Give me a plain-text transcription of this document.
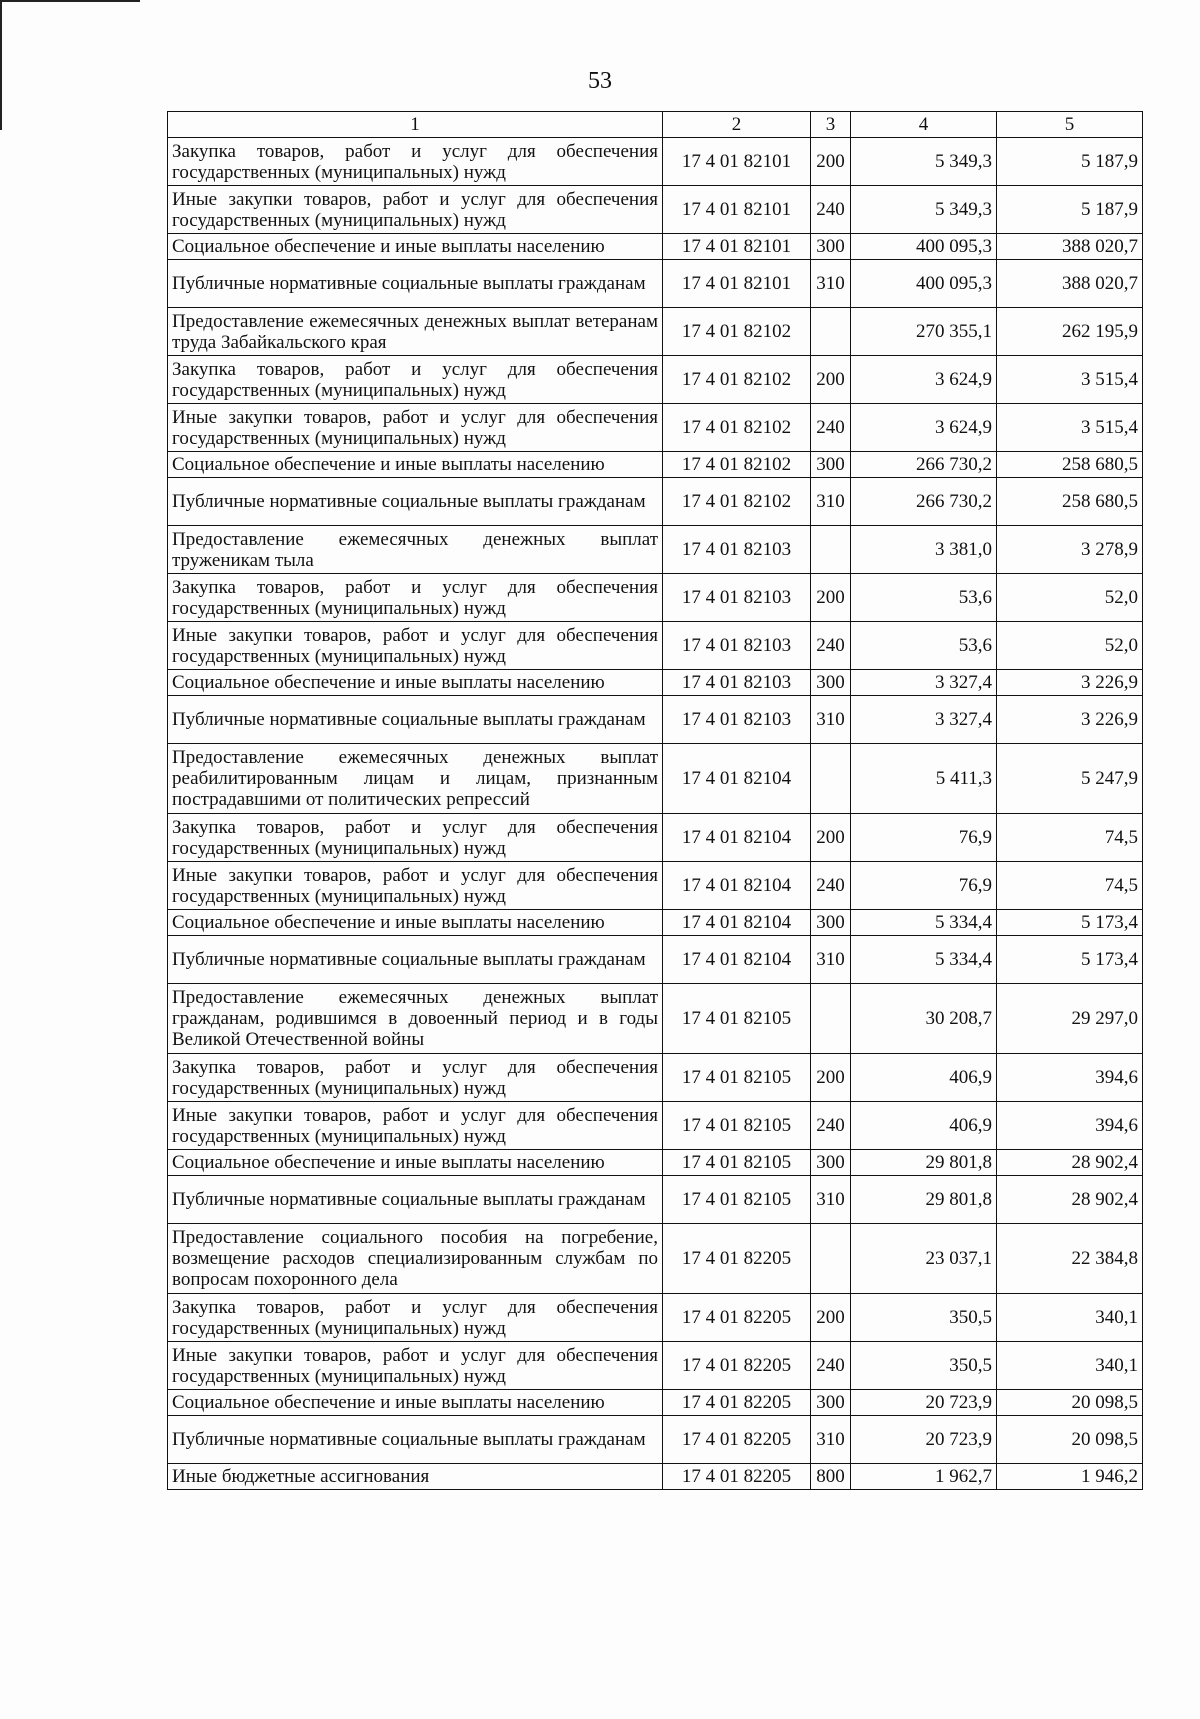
53
1	2	3	4	5
Закупка товаров, работ и услуг для обеспечения государственных (муниципальных) нужд	17 4 01 82101	200	5 349,3	5 187,9
Иные закупки товаров, работ и услуг для обеспечения государственных (муниципальных) нужд	17 4 01 82101	240	5 349,3	5 187,9
Социальное обеспечение и иные выплаты населению	17 4 01 82101	300	400 095,3	388 020,7
Публичные нормативные социальные выплаты гражданам	17 4 01 82101	310	400 095,3	388 020,7
Предоставление ежемесячных денежных выплат ветеранам труда Забайкальского края	17 4 01 82102		270 355,1	262 195,9
Закупка товаров, работ и услуг для обеспечения государственных (муниципальных) нужд	17 4 01 82102	200	3 624,9	3 515,4
Иные закупки товаров, работ и услуг для обеспечения государственных (муниципальных) нужд	17 4 01 82102	240	3 624,9	3 515,4
Социальное обеспечение и иные выплаты населению	17 4 01 82102	300	266 730,2	258 680,5
Публичные нормативные социальные выплаты гражданам	17 4 01 82102	310	266 730,2	258 680,5
Предоставление ежемесячных денежных выплат труженикам тыла	17 4 01 82103		3 381,0	3 278,9
Закупка товаров, работ и услуг для обеспечения государственных (муниципальных) нужд	17 4 01 82103	200	53,6	52,0
Иные закупки товаров, работ и услуг для обеспечения государственных (муниципальных) нужд	17 4 01 82103	240	53,6	52,0
Социальное обеспечение и иные выплаты населению	17 4 01 82103	300	3 327,4	3 226,9
Публичные нормативные социальные выплаты гражданам	17 4 01 82103	310	3 327,4	3 226,9
Предоставление ежемесячных денежных выплат реабилитированным лицам и лицам, признанным пострадавшими от политических репрессий	17 4 01 82104		5 411,3	5 247,9
Закупка товаров, работ и услуг для обеспечения государственных (муниципальных) нужд	17 4 01 82104	200	76,9	74,5
Иные закупки товаров, работ и услуг для обеспечения государственных (муниципальных) нужд	17 4 01 82104	240	76,9	74,5
Социальное обеспечение и иные выплаты населению	17 4 01 82104	300	5 334,4	5 173,4
Публичные нормативные социальные выплаты гражданам	17 4 01 82104	310	5 334,4	5 173,4
Предоставление ежемесячных денежных выплат гражданам, родившимся в довоенный период и в годы Великой Отечественной войны	17 4 01 82105		30 208,7	29 297,0
Закупка товаров, работ и услуг для обеспечения государственных (муниципальных) нужд	17 4 01 82105	200	406,9	394,6
Иные закупки товаров, работ и услуг для обеспечения государственных (муниципальных) нужд	17 4 01 82105	240	406,9	394,6
Социальное обеспечение и иные выплаты населению	17 4 01 82105	300	29 801,8	28 902,4
Публичные нормативные социальные выплаты гражданам	17 4 01 82105	310	29 801,8	28 902,4
Предоставление социального пособия на погребение, возмещение расходов специализированным службам по вопросам похоронного дела	17 4 01 82205		23 037,1	22 384,8
Закупка товаров, работ и услуг для обеспечения государственных (муниципальных) нужд	17 4 01 82205	200	350,5	340,1
Иные закупки товаров, работ и услуг для обеспечения государственных (муниципальных) нужд	17 4 01 82205	240	350,5	340,1
Социальное обеспечение и иные выплаты населению	17 4 01 82205	300	20 723,9	20 098,5
Публичные нормативные социальные выплаты гражданам	17 4 01 82205	310	20 723,9	20 098,5
Иные бюджетные ассигнования	17 4 01 82205	800	1 962,7	1 946,2
